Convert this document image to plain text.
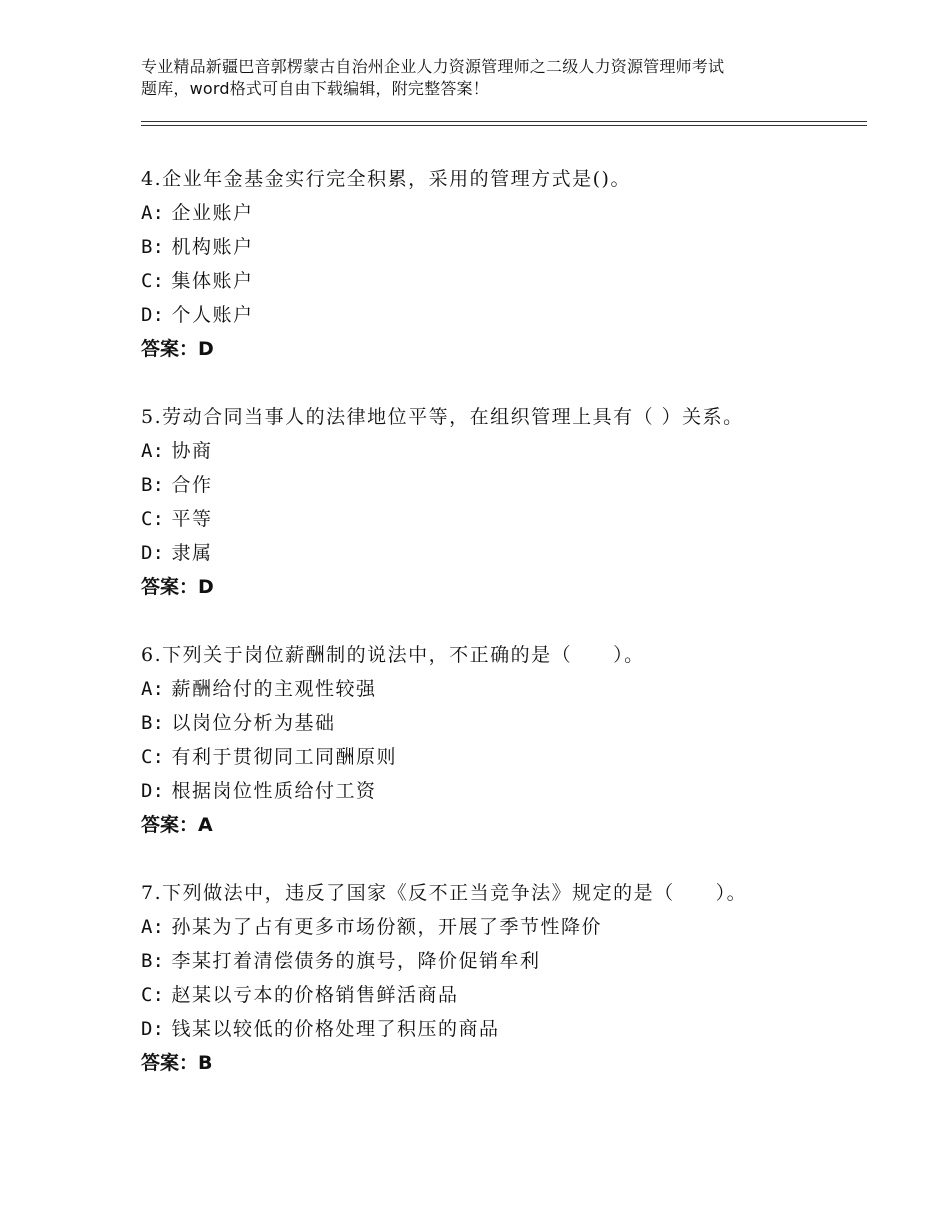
专业精品新疆巴音郭楞蒙古自治州企业人力资源管理师之二级人力资源管理师考试
题库，word格式可自由下载编辑，附完整答案！
4.企业年金基金实行完全积累，采用的管理方式是()。
A: 企业账户
B: 机构账户
C: 集体账户
D: 个人账户
答案：D
5.劳动合同当事人的法律地位平等，在组织管理上具有（ ）关系。
A: 协商
B: 合作
C: 平等
D: 隶属
答案：D
6.下列关于岗位薪酬制的说法中，不正确的是（　　）。
A: 薪酬给付的主观性较强
B: 以岗位分析为基础
C: 有利于贯彻同工同酬原则
D: 根据岗位性质给付工资
答案：A
7.下列做法中，违反了国家《反不正当竞争法》规定的是（　　）。
A: 孙某为了占有更多市场份额，开展了季节性降价
B: 李某打着清偿债务的旗号，降价促销牟利
C: 赵某以亏本的价格销售鲜活商品
D: 钱某以较低的价格处理了积压的商品
答案：B
